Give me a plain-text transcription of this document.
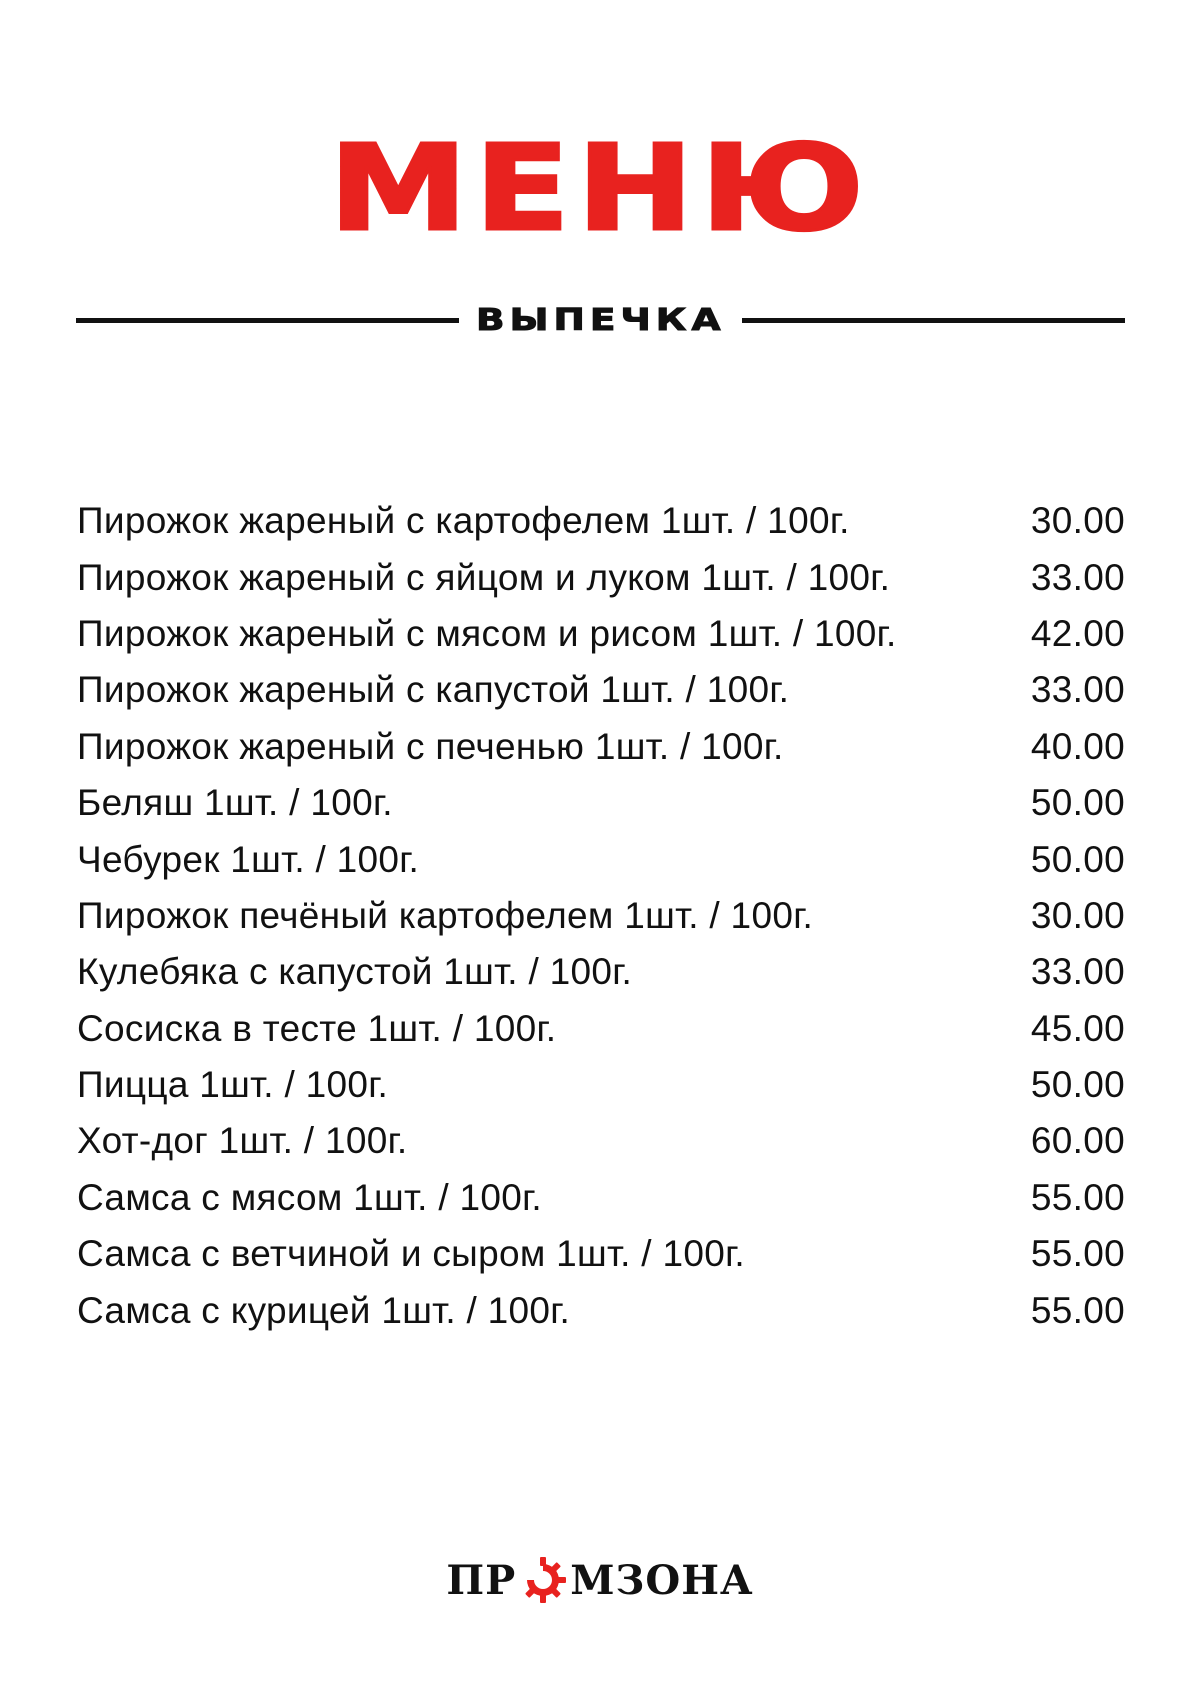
МЕНЮ
ВЫПЕЧКА
Пирожок жареный с картофелем 1шт. / 100г.	30.00
Пирожок жареный с яйцом и луком 1шт. / 100г.	33.00
Пирожок жареный с мясом и рисом 1шт. / 100г.	42.00
Пирожок жареный с капустой 1шт. / 100г.	33.00
Пирожок жареный с печенью 1шт. / 100г.	40.00
Беляш 1шт. / 100г.	50.00
Чебурек 1шт. / 100г.	50.00
Пирожок печёный картофелем 1шт. / 100г.	30.00
Кулебяка с капустой 1шт. / 100г.	33.00
Сосиска в тесте 1шт. / 100г.	45.00
Пицца 1шт. / 100г.	50.00
Хот-дог 1шт. / 100г.	60.00
Самса с мясом 1шт. / 100г.	55.00
Самса с ветчиной и сыром 1шт. / 100г.	55.00
Самса с курицей 1шт. / 100г.	55.00
ПР МЗОНА
